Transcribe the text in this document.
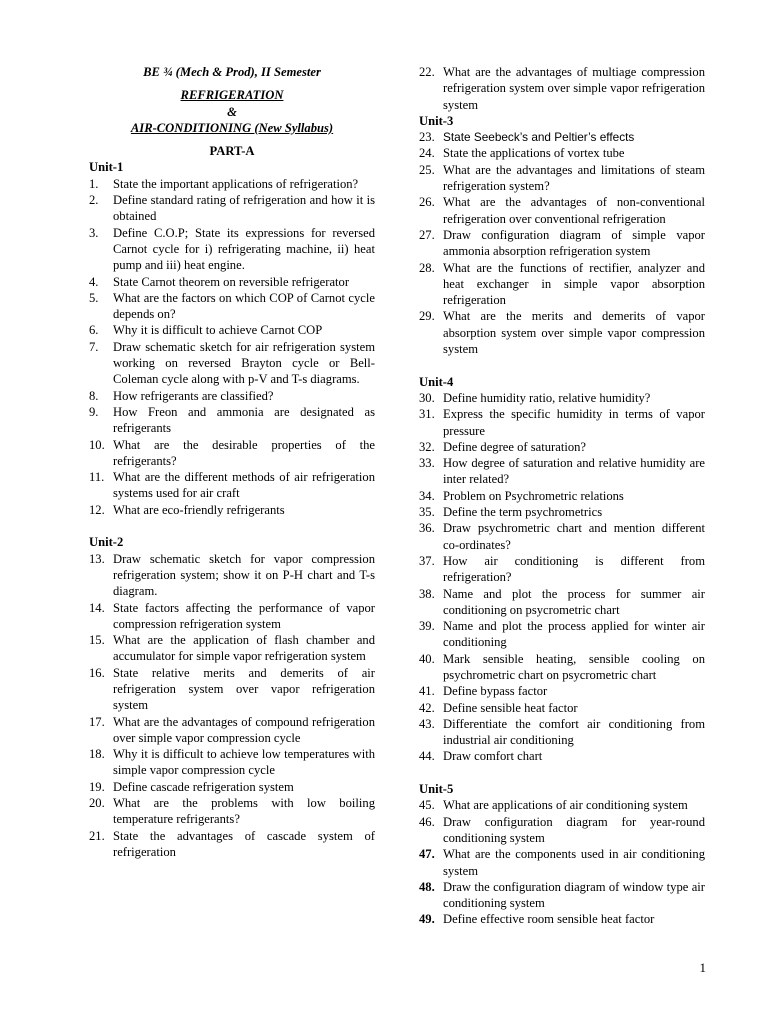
BE ¾ (Mech & Prod), II Semester
REFRIGERATION
&
AIR-CONDITIONING (New Syllabus)
PART-A
Unit-1
1.	State the important applications of refrigeration?
2.	Define standard rating of refrigeration and how it is obtained
3.	Define C.O.P; State its expressions for reversed Carnot cycle for i) refrigerating machine, ii) heat pump and iii) heat engine.
4.	State Carnot theorem on reversible refrigerator
5.	What are the factors on which COP of Carnot cycle depends on?
6.	Why it is difficult to achieve Carnot COP
7.	Draw schematic sketch for air refrigeration system working on reversed Brayton cycle or Bell-Coleman cycle along with p-V and T-s diagrams.
8.	How refrigerants are classified?
9.	How Freon and ammonia are designated as refrigerants
10. What are the desirable properties of the refrigerants?
11. What are the different methods of air refrigeration systems used for air craft
12. What are eco-friendly refrigerants
Unit-2
13. Draw schematic sketch for vapor compression refrigeration system; show it on P-H chart and T-s diagram.
14. State factors affecting the performance of vapor compression refrigeration system
15. What are the application of flash chamber and accumulator for simple vapor refrigeration system
16. State relative merits and demerits of air refrigeration system over vapor refrigeration system
17. What are the advantages of compound refrigeration over simple vapor compression cycle
18. Why it is difficult to achieve low temperatures with simple vapor compression cycle
19. Define cascade refrigeration system
20. What are the problems with low boiling temperature refrigerants?
21. State the advantages of cascade system of refrigeration
22. What are the advantages of multiage compression refrigeration system over simple vapor refrigeration system
Unit-3
23. State Seebeck’s and Peltier’s effects
24. State the applications of vortex tube
25. What are the advantages and limitations of steam refrigeration system?
26. What are the advantages of non-conventional refrigeration over conventional refrigeration
27. Draw configuration diagram of simple vapor ammonia absorption refrigeration system
28. What are the functions of rectifier, analyzer and heat exchanger in simple vapor absorption refrigeration
29. What are the merits and demerits of vapor absorption system over simple vapor compression system
Unit-4
30. Define humidity ratio, relative humidity?
31. Express the specific humidity in terms of vapor pressure
32. Define degree of saturation?
33. How degree of saturation and relative humidity are inter related?
34. Problem on Psychrometric relations
35. Define the term psychrometrics
36. Draw psychrometric chart and mention different co-ordinates?
37. How air conditioning is different from refrigeration?
38. Name and plot the process for summer air conditioning on psycrometric chart
39. Name and plot the process applied for winter air conditioning
40. Mark sensible heating, sensible cooling on psychrometric chart on psycrometric chart
41. Define bypass factor
42. Define sensible heat factor
43. Differentiate the comfort air conditioning from industrial air conditioning
44. Draw comfort chart
Unit-5
45. What are applications of air conditioning system
46. Draw configuration diagram for year-round conditioning system
47. What are the components used in air conditioning system
48. Draw the configuration diagram of window type air conditioning system
49. Define effective room sensible heat factor
1
